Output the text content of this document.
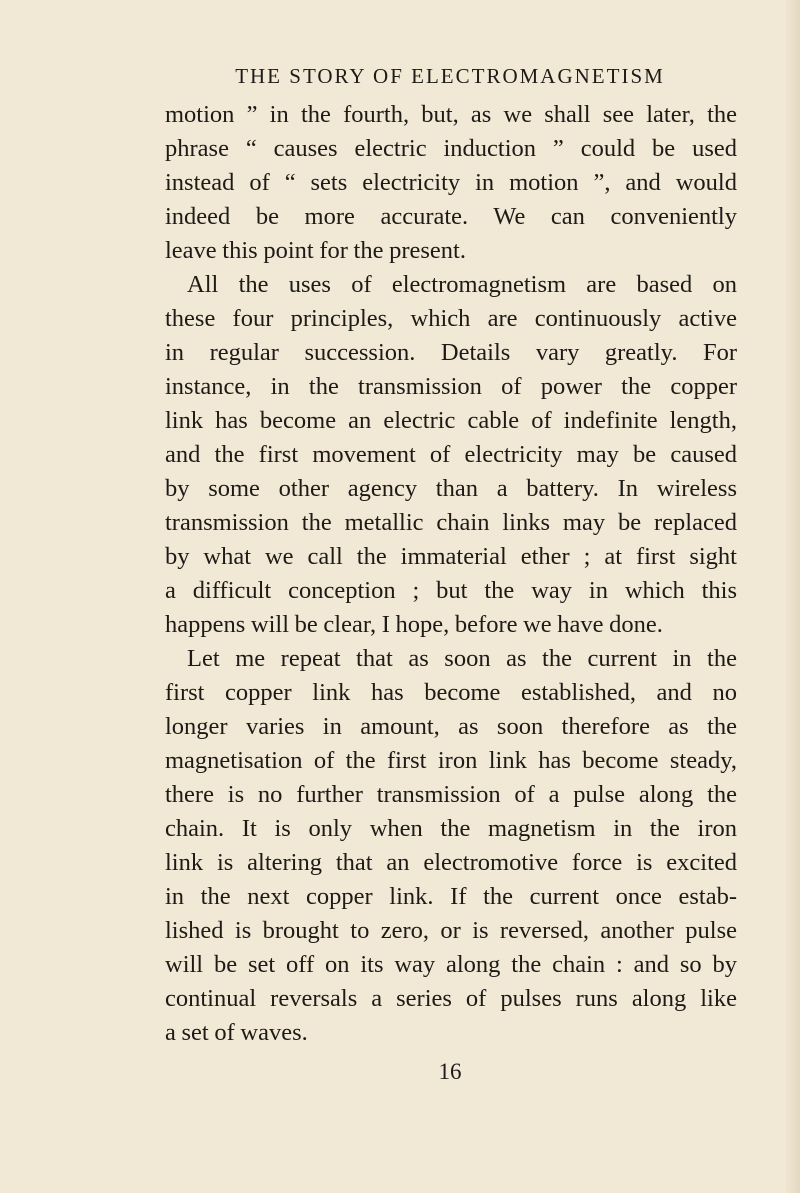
THE STORY OF ELECTROMAGNETISM
motion ” in the fourth, but, as we shall see later, the
phrase “ causes electric induction ” could be used
instead of “ sets electricity in motion ”, and would
indeed be more accurate. We can conveniently
leave this point for the present.
All the uses of electromagnetism are based on
these four principles, which are continuously active
in regular succession. Details vary greatly. For
instance, in the transmission of power the copper
link has become an electric cable of indefinite length,
and the first movement of electricity may be caused
by some other agency than a battery. In wireless
transmission the metallic chain links may be replaced
by what we call the immaterial ether ; at first sight
a difficult conception ; but the way in which this
happens will be clear, I hope, before we have done.
Let me repeat that as soon as the current in the
first copper link has become established, and no
longer varies in amount, as soon therefore as the
magnetisation of the first iron link has become steady,
there is no further transmission of a pulse along the
chain. It is only when the magnetism in the iron
link is altering that an electromotive force is excited
in the next copper link. If the current once estab-
lished is brought to zero, or is reversed, another pulse
will be set off on its way along the chain : and so by
continual reversals a series of pulses runs along like
a set of waves.
16
